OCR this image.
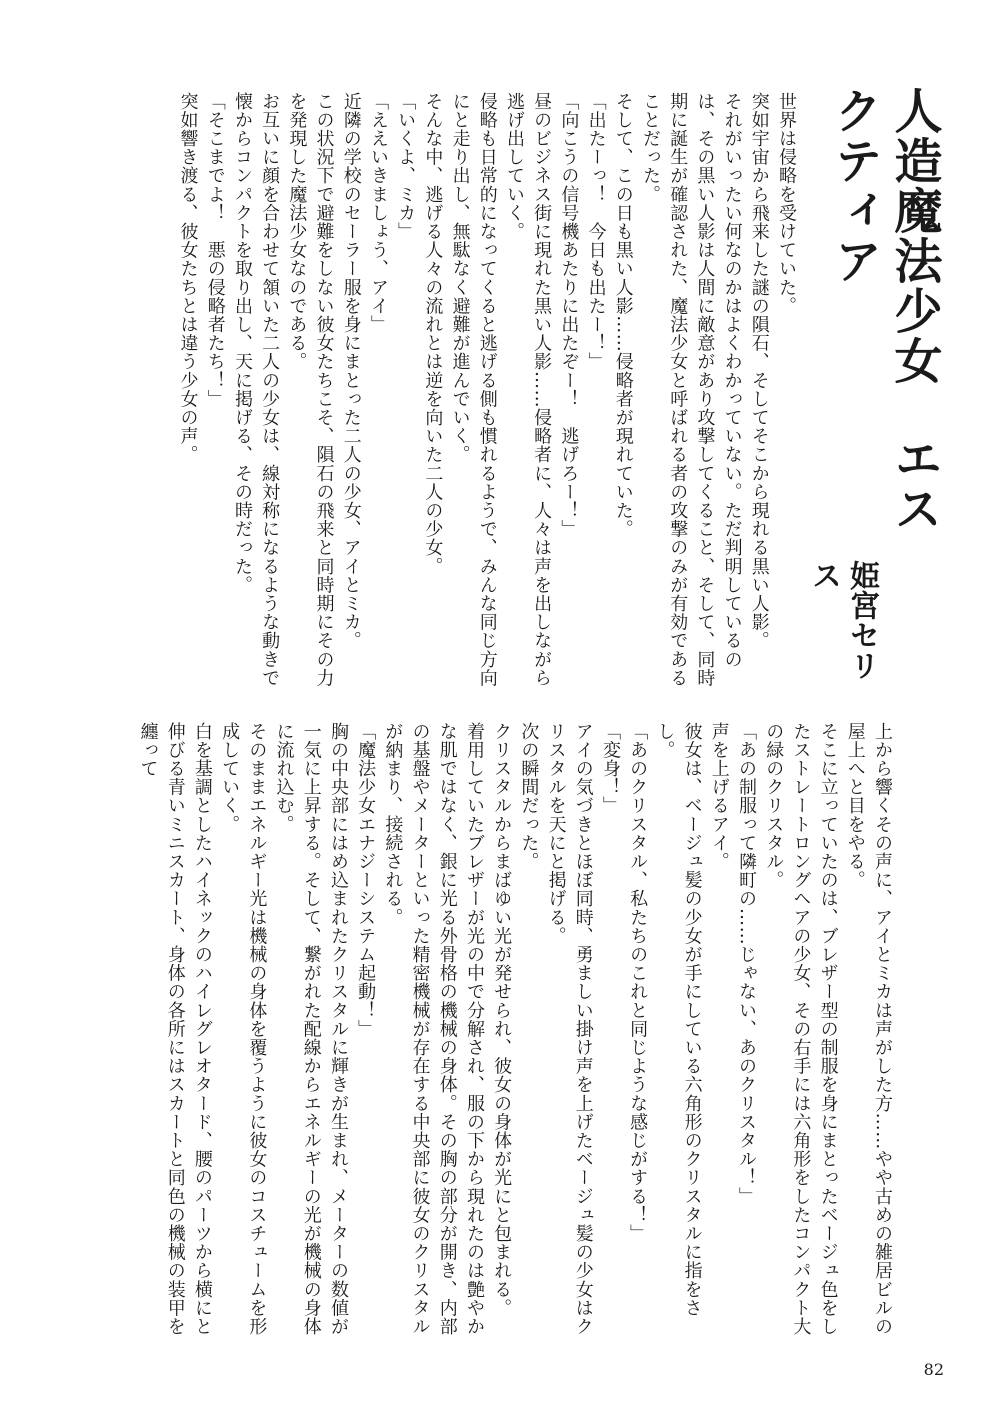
人造魔法少女エスクティア
姫宮セリス
世界は侵略を受けていた。
突如宇宙から飛来した謎の隕石、そしてそこから現れる黒い人影。
それがいったい何なのかはよくわかっていない。ただ判明しているのは、その黒い人影は人間に敵意があり攻撃してくること、そして、同時期に誕生が確認された、魔法少女と呼ばれる者の攻撃のみが有効であることだった。
そして、この日も黒い人影……侵略者が現れていた。
「出たーっ！　今日も出たー！」
「向こうの信号機あたりに出たぞー！　逃げろー！」
昼のビジネス街に現れた黒い人影……侵略者に、人々は声を出しながら逃げ出していく。
侵略も日常的になってくると逃げる側も慣れるようで、みんな同じ方向にと走り出し、無駄なく避難が進んでいく。
そんな中、逃げる人々の流れとは逆を向いた二人の少女。
「いくよ、ミカ」
「ええいきましょう、アイ」
近隣の学校のセーラー服を身にまとった二人の少女、アイとミカ。
この状況下で避難をしない彼女たちこそ、隕石の飛来と同時期にその力を発現した魔法少女なのである。
お互いに顔を合わせて頷いた二人の少女は、線対称になるような動きで懐からコンパクトを取り出し、天に掲げる、その時だった。
「そこまでよ！　悪の侵略者たち！」
突如響き渡る、彼女たちとは違う少女の声。
上から響くその声に、アイとミカは声がした方……やや古めの雑居ビルの屋上へと目をやる。
そこに立っていたのは、ブレザー型の制服を身にまとったベージュ色をしたストレートロングヘアの少女、その右手には六角形をしたコンパクト大の緑のクリスタル。
「あの制服って隣町の……じゃない、あのクリスタル！」
声を上げるアイ。
彼女は、ベージュ髪の少女が手にしている六角形のクリスタルに指をさし。
「あのクリスタル、私たちのこれと同じような感じがする！」
「変身！」
アイの気づきとほぼ同時、勇ましい掛け声を上げたベージュ髪の少女はクリスタルを天にと掲げる。
次の瞬間だった。
クリスタルからまばゆい光が発せられ、彼女の身体が光にと包まれる。
着用していたブレザーが光の中で分解され、服の下から現れたのは艶やかな肌ではなく、銀に光る外骨格の機械の身体。その胸の部分が開き、内部の基盤やメーターといった精密機械が存在する中央部に彼女のクリスタルが納まり、接続される。
「魔法少女エナジーシステム起動！」
胸の中央部にはめ込まれたクリスタルに輝きが生まれ、メーターの数値が一気に上昇する。そして、繋がれた配線からエネルギーの光が機械の身体に流れ込む。
そのままエネルギー光は機械の身体を覆うように彼女のコスチュームを形成していく。
白を基調としたハイネックのハイレグレオタード、腰のパーツから横にと伸びる青いミニスカート、身体の各所にはスカートと同色の機械の装甲を纏って
82
